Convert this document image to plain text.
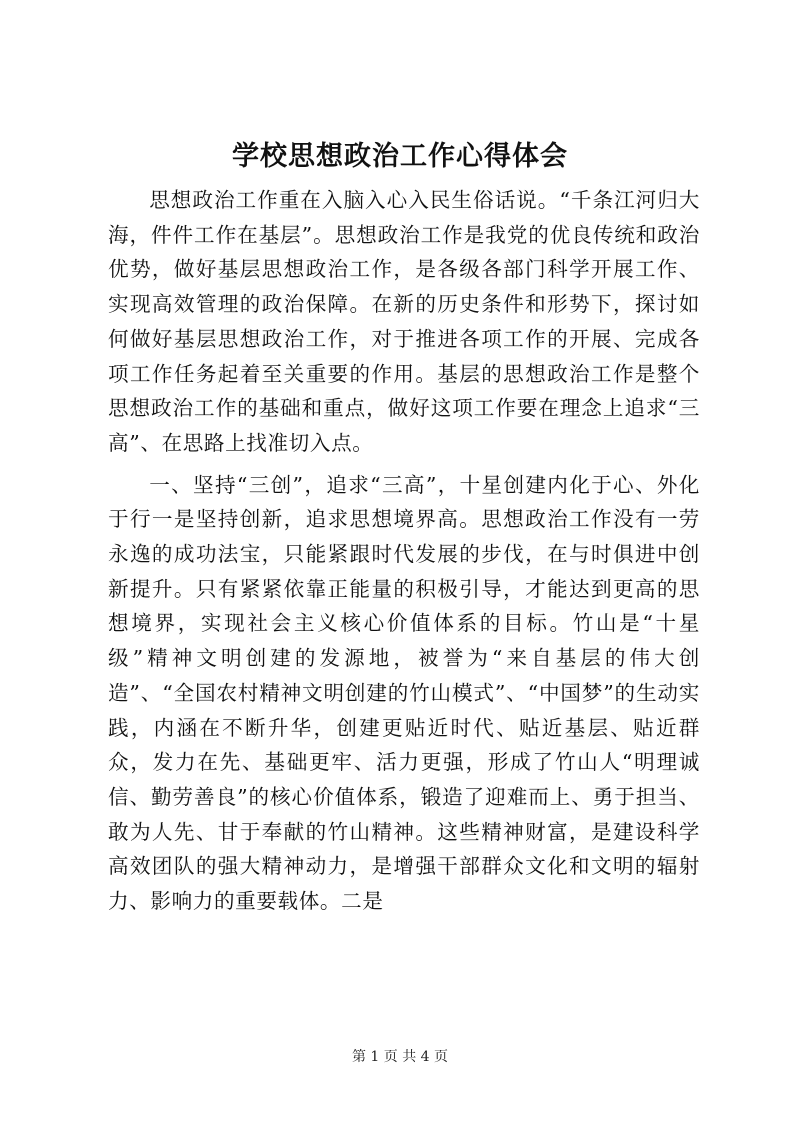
学校思想政治工作心得体会

思想政治工作重在入脑入心入民生俗话说。“千条江河归大海，件件工作在基层”。思想政治工作是我党的优良传统和政治优势，做好基层思想政治工作，是各级各部门科学开展工作、实现高效管理的政治保障。在新的历史条件和形势下，探讨如何做好基层思想政治工作，对于推进各项工作的开展、完成各项工作任务起着至关重要的作用。基层的思想政治工作是整个思想政治工作的基础和重点，做好这项工作要在理念上追求“三高”、在思路上找准切入点。

一、坚持“三创”，追求“三高”，十星创建内化于心、外化于行一是坚持创新，追求思想境界高。思想政治工作没有一劳永逸的成功法宝，只能紧跟时代发展的步伐，在与时俱进中创新提升。只有紧紧依靠正能量的积极引导，才能达到更高的思想境界，实现社会主义核心价值体系的目标。竹山是“十星级”精神文明创建的发源地，被誉为“来自基层的伟大创造”、“全国农村精神文明创建的竹山模式”、“中国梦”的生动实践，内涵在不断升华，创建更贴近时代、贴近基层、贴近群众，发力在先、基础更牢、活力更强，形成了竹山人“明理诚信、勤劳善良”的核心价值体系，锻造了迎难而上、勇于担当、敢为人先、甘于奉献的竹山精神。这些精神财富，是建设科学高效团队的强大精神动力，是增强干部群众文化和文明的辐射力、影响力的重要载体。二是

第 1 页 共 4 页
